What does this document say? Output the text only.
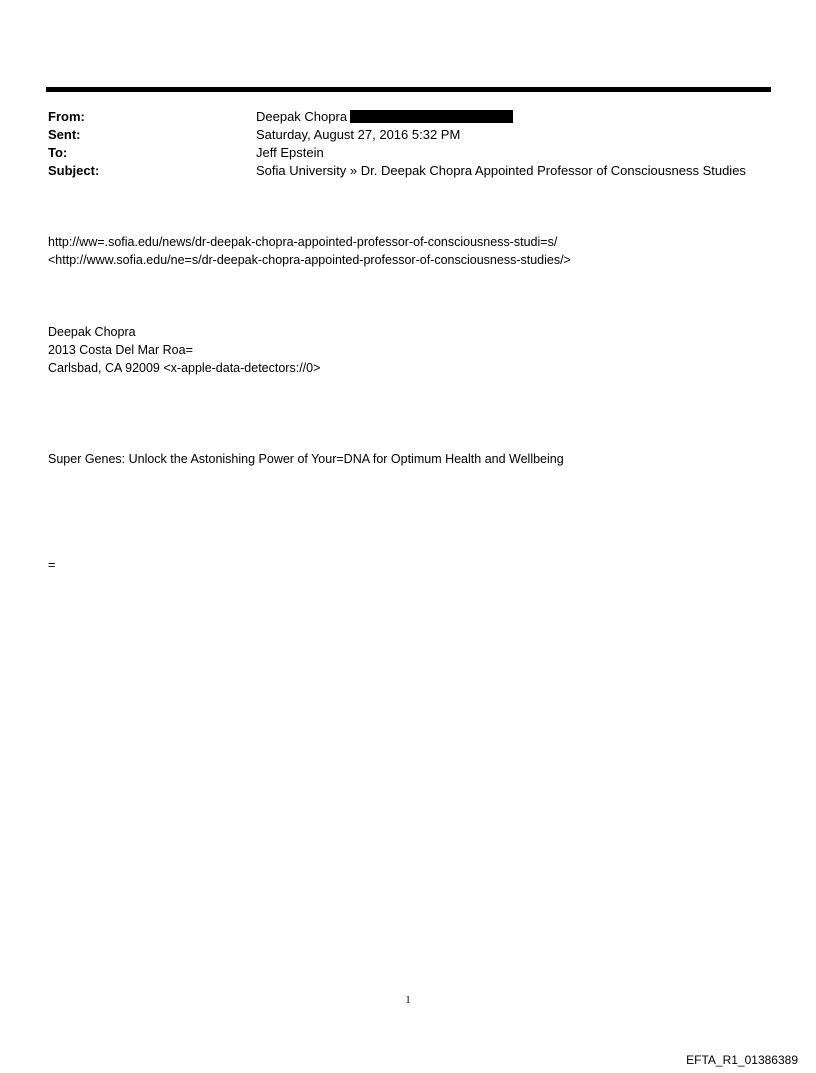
From:	Deepak Chopra
Sent:	Saturday, August 27, 2016 5:32 PM
To:	Jeff Epstein
Subject:	Sofia University » Dr. Deepak Chopra Appointed Professor of Consciousness Studies
http://ww=.sofia.edu/news/dr-deepak-chopra-appointed-professor-of-consciousness-studi=s/
<http://www.sofia.edu/ne=s/dr-deepak-chopra-appointed-professor-of-consciousness-studies/>
Deepak Chopra
2013 Costa Del Mar Roa=
Carlsbad, CA 92009 <x-apple-data-detectors://0>
Super Genes: Unlock the Astonishing Power of Your=DNA for Optimum Health and Wellbeing
=
1
EFTA_R1_01386389
